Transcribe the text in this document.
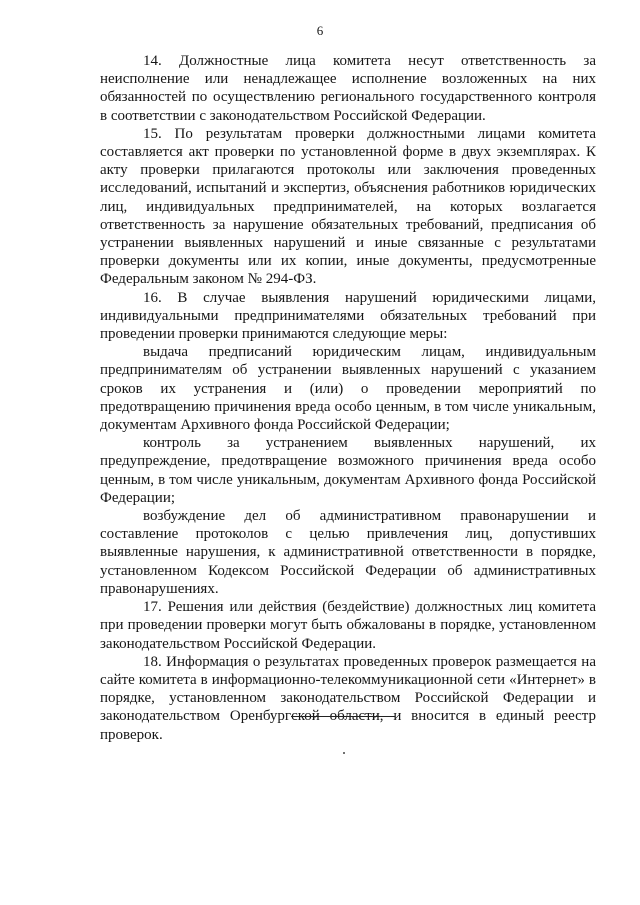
6

14. Должностные лица комитета несут ответственность за неисполнение или ненадлежащее исполнение возложенных на них обязанностей по осуществлению регионального государственного контроля в соответствии с законодательством Российской Федерации.

15. По результатам проверки должностными лицами комитета составляется акт проверки по установленной форме в двух экземплярах. К акту проверки прилагаются протоколы или заключения проведенных исследований, испытаний и экспертиз, объяснения работников юридических лиц, индивидуальных предпринимателей, на которых возлагается ответственность за нарушение обязательных требований, предписания об устранении выявленных нарушений и иные связанные с результатами проверки документы или их копии, иные документы, предусмотренные Федеральным законом № 294-ФЗ.

16. В случае выявления нарушений юридическими лицами, индивидуальными предпринимателями обязательных требований при проведении проверки принимаются следующие меры:

выдача предписаний юридическим лицам, индивидуальным предпринимателям об устранении выявленных нарушений с указанием сроков их устранения и (или) о проведении мероприятий по предотвращению причинения вреда особо ценным, в том числе уникальным, документам Архивного фонда Российской Федерации;

контроль за устранением выявленных нарушений, их предупреждение, предотвращение возможного причинения вреда особо ценным, в том числе уникальным, документам Архивного фонда Российской Федерации;

возбуждение дел об административном правонарушении и составление протоколов с целью привлечения лиц, допустивших выявленные нарушения, к административной ответственности в порядке, установленном Кодексом Российской Федерации об административных правонарушениях.

17. Решения или действия (бездействие) должностных лиц комитета при проведении проверки могут быть обжалованы в порядке, установленном законодательством Российской Федерации.

18. Информация о результатах проведенных проверок размещается на сайте комитета в информационно-телекоммуникационной сети «Интернет» в порядке, установленном законодательством Российской Федерации и законодательством Оренбургской области, и вносится в единый реестр проверок.
